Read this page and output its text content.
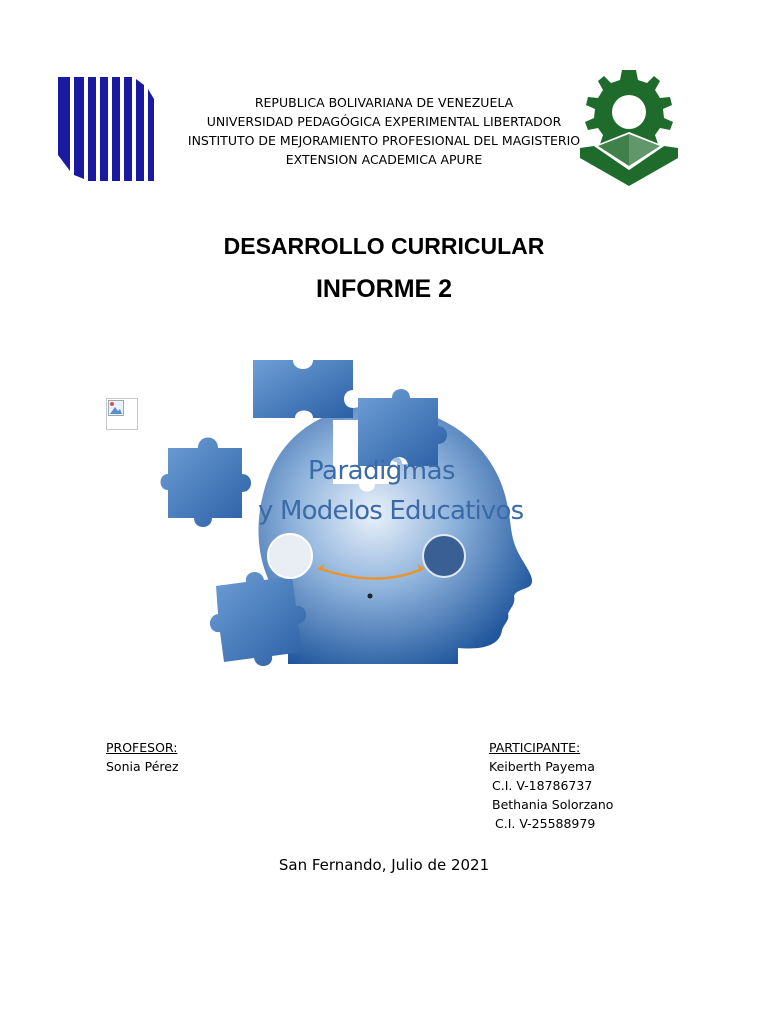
REPUBLICA BOLIVARIANA DE VENEZUELA
UNIVERSIDAD PEDAGÓGICA EXPERIMENTAL LIBERTADOR
INSTITUTO DE MEJORAMIENTO PROFESIONAL DEL MAGISTERIO
EXTENSION ACADEMICA APURE
DESARROLLO CURRICULAR
INFORME 2
Paradigmas
y Modelos Educativos
PROFESOR:
Sonia Pérez
PARTICIPANTE:
Keiberth Payema
C.I. V-18786737
Bethania Solorzano
C.I. V-25588979
San Fernando, Julio de 2021
